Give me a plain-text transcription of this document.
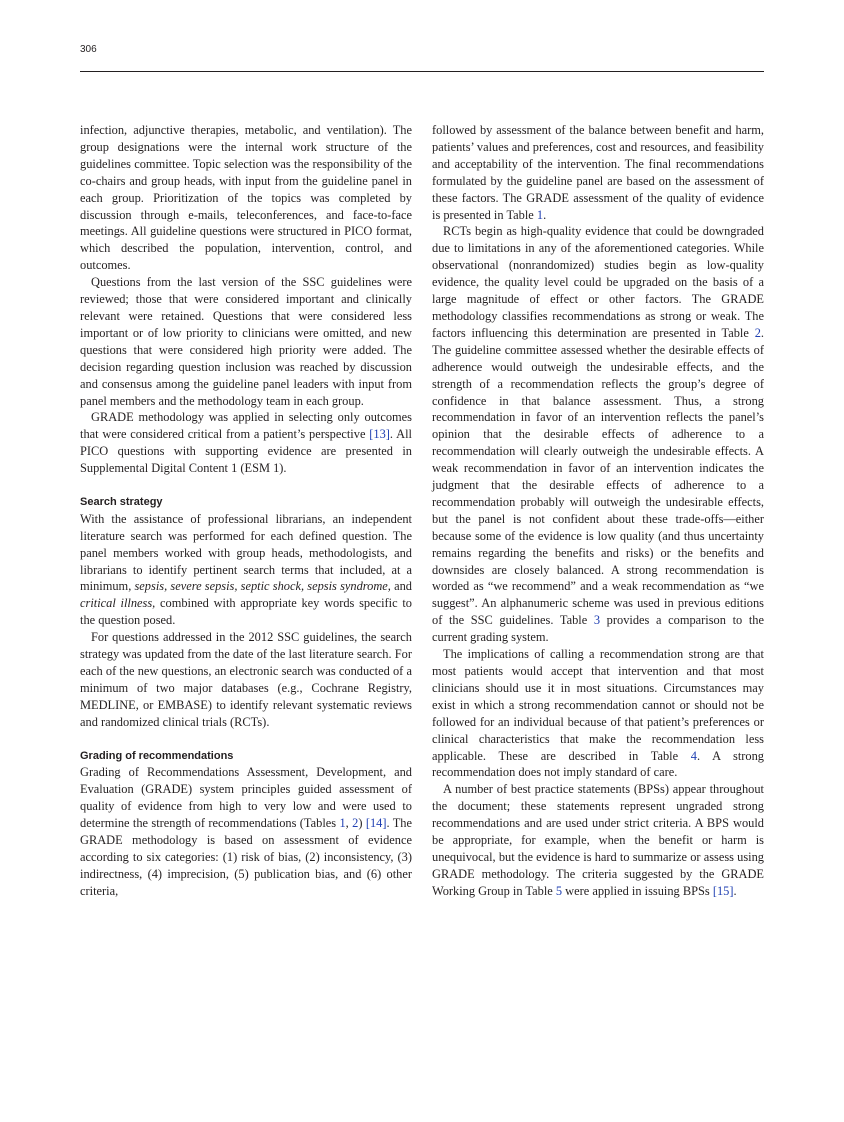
306

infection, adjunctive therapies, metabolic, and ventilation). The group designations were the internal work structure of the guidelines committee. Topic selection was the responsibility of the co-chairs and group heads, with input from the guideline panel in each group. Prioritization of the topics was completed by discussion through e-mails, teleconferences, and face-to-face meetings. All guideline questions were structured in PICO format, which described the population, intervention, control, and outcomes.

Questions from the last version of the SSC guidelines were reviewed; those that were considered important and clinically relevant were retained. Questions that were considered less important or of low priority to clinicians were omitted, and new questions that were considered high priority were added. The decision regarding question inclusion was reached by discussion and consensus among the guideline panel leaders with input from panel members and the methodology team in each group.

GRADE methodology was applied in selecting only outcomes that were considered critical from a patient’s perspective [13]. All PICO questions with supporting evidence are presented in Supplemental Digital Content 1 (ESM 1).

Search strategy

With the assistance of professional librarians, an independent literature search was performed for each defined question. The panel members worked with group heads, methodologists, and librarians to identify pertinent search terms that included, at a minimum, sepsis, severe sepsis, septic shock, sepsis syndrome, and critical illness, combined with appropriate key words specific to the question posed.

For questions addressed in the 2012 SSC guidelines, the search strategy was updated from the date of the last literature search. For each of the new questions, an electronic search was conducted of a minimum of two major databases (e.g., Cochrane Registry, MEDLINE, or EMBASE) to identify relevant systematic reviews and randomized clinical trials (RCTs).

Grading of recommendations

Grading of Recommendations Assessment, Development, and Evaluation (GRADE) system principles guided assessment of quality of evidence from high to very low and were used to determine the strength of recommendations (Tables 1, 2) [14]. The GRADE methodology is based on assessment of evidence according to six categories: (1) risk of bias, (2) inconsistency, (3) indirectness, (4) imprecision, (5) publication bias, and (6) other criteria,

followed by assessment of the balance between benefit and harm, patients’ values and preferences, cost and resources, and feasibility and acceptability of the intervention. The final recommendations formulated by the guideline panel are based on the assessment of these factors. The GRADE assessment of the quality of evidence is presented in Table 1.

RCTs begin as high-quality evidence that could be downgraded due to limitations in any of the aforementioned categories. While observational (nonrandomized) studies begin as low-quality evidence, the quality level could be upgraded on the basis of a large magnitude of effect or other factors. The GRADE methodology classifies recommendations as strong or weak. The factors influencing this determination are presented in Table 2. The guideline committee assessed whether the desirable effects of adherence would outweigh the undesirable effects, and the strength of a recommendation reflects the group’s degree of confidence in that balance assessment. Thus, a strong recommendation in favor of an intervention reflects the panel’s opinion that the desirable effects of adherence to a recommendation will clearly outweigh the undesirable effects. A weak recommendation in favor of an intervention indicates the judgment that the desirable effects of adherence to a recommendation probably will outweigh the undesirable effects, but the panel is not confident about these trade-offs—either because some of the evidence is low quality (and thus uncertainty remains regarding the benefits and risks) or the benefits and downsides are closely balanced. A strong recommendation is worded as “we recommend” and a weak recommendation as “we suggest”. An alphanumeric scheme was used in previous editions of the SSC guidelines. Table 3 provides a comparison to the current grading system.

The implications of calling a recommendation strong are that most patients would accept that intervention and that most clinicians should use it in most situations. Circumstances may exist in which a strong recommendation cannot or should not be followed for an individual because of that patient’s preferences or clinical characteristics that make the recommendation less applicable. These are described in Table 4. A strong recommendation does not imply standard of care.

A number of best practice statements (BPSs) appear throughout the document; these statements represent ungraded strong recommendations and are used under strict criteria. A BPS would be appropriate, for example, when the benefit or harm is unequivocal, but the evidence is hard to summarize or assess using GRADE methodology. The criteria suggested by the GRADE Working Group in Table 5 were applied in issuing BPSs [15].
